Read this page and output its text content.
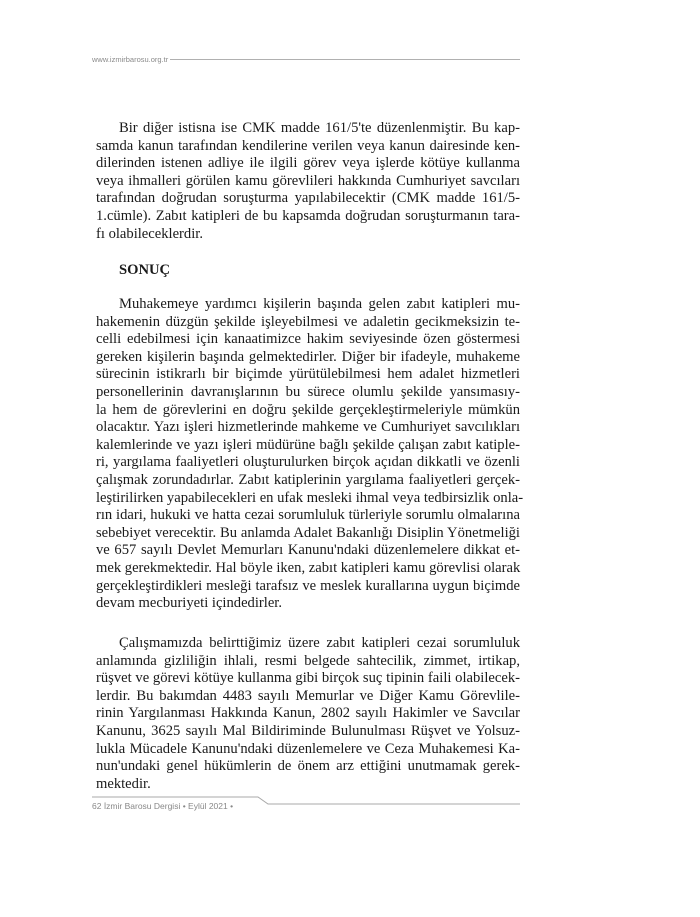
www.izmirbarosu.org.tr
Bir diğer istisna ise CMK madde 161/5'te düzenlenmiştir. Bu kap-
samda kanun tarafından kendilerine verilen veya kanun dairesinde ken-
dilerinden istenen adliye ile ilgili görev veya işlerde kötüye kullanma
veya ihmalleri görülen kamu görevlileri hakkında Cumhuriyet savcıları
tarafından doğrudan soruşturma yapılabilecektir (CMK madde 161/5-
1.cümle). Zabıt katipleri de bu kapsamda doğrudan soruşturmanın tara-
fı olabileceklerdir.
SONUÇ
Muhakemeye yardımcı kişilerin başında gelen zabıt katipleri mu-
hakemenin düzgün şekilde işleyebilmesi ve adaletin gecikmeksizin te-
celli edebilmesi için kanaatimizce hakim seviyesinde özen göstermesi
gereken kişilerin başında gelmektedirler. Diğer bir ifadeyle, muhakeme
sürecinin istikrarlı bir biçimde yürütülebilmesi hem adalet hizmetleri
personellerinin davranışlarının bu sürece olumlu şekilde yansımasıy-
la hem de görevlerini en doğru şekilde gerçekleştirmeleriyle mümkün
olacaktır. Yazı işleri hizmetlerinde mahkeme ve Cumhuriyet savcılıkları
kalemlerinde ve yazı işleri müdürüne bağlı şekilde çalışan zabıt katiple-
ri, yargılama faaliyetleri oluşturulurken birçok açıdan dikkatli ve özenli
çalışmak zorundadırlar. Zabıt katiplerinin yargılama faaliyetleri gerçek-
leştirilirken yapabilecekleri en ufak mesleki ihmal veya tedbirsizlik onla-
rın idari, hukuki ve hatta cezai sorumluluk türleriyle sorumlu olmalarına
sebebiyet verecektir. Bu anlamda Adalet Bakanlığı Disiplin Yönetmeliği
ve 657 sayılı Devlet Memurları Kanunu'ndaki düzenlemelere dikkat et-
mek gerekmektedir. Hal böyle iken, zabıt katipleri kamu görevlisi olarak
gerçekleştirdikleri mesleği tarafsız ve meslek kurallarına uygun biçimde
devam mecburiyeti içindedirler.
Çalışmamızda belirttiğimiz üzere zabıt katipleri cezai sorumluluk
anlamında gizliliğin ihlali, resmi belgede sahtecilik, zimmet, irtikap,
rüşvet ve görevi kötüye kullanma gibi birçok suç tipinin faili olabilecek-
lerdir. Bu bakımdan 4483 sayılı Memurlar ve Diğer Kamu Görevlile-
rinin Yargılanması Hakkında Kanun, 2802 sayılı Hakimler ve Savcılar
Kanunu, 3625 sayılı Mal Bildiriminde Bulunulması Rüşvet ve Yolsuz-
lukla Mücadele Kanunu'ndaki düzenlemelere ve Ceza Muhakemesi Ka-
nun'undaki genel hükümlerin de önem arz ettiğini unutmamak gerek-
mektedir.
62 İzmir Barosu Dergisi • Eylül 2021 •
